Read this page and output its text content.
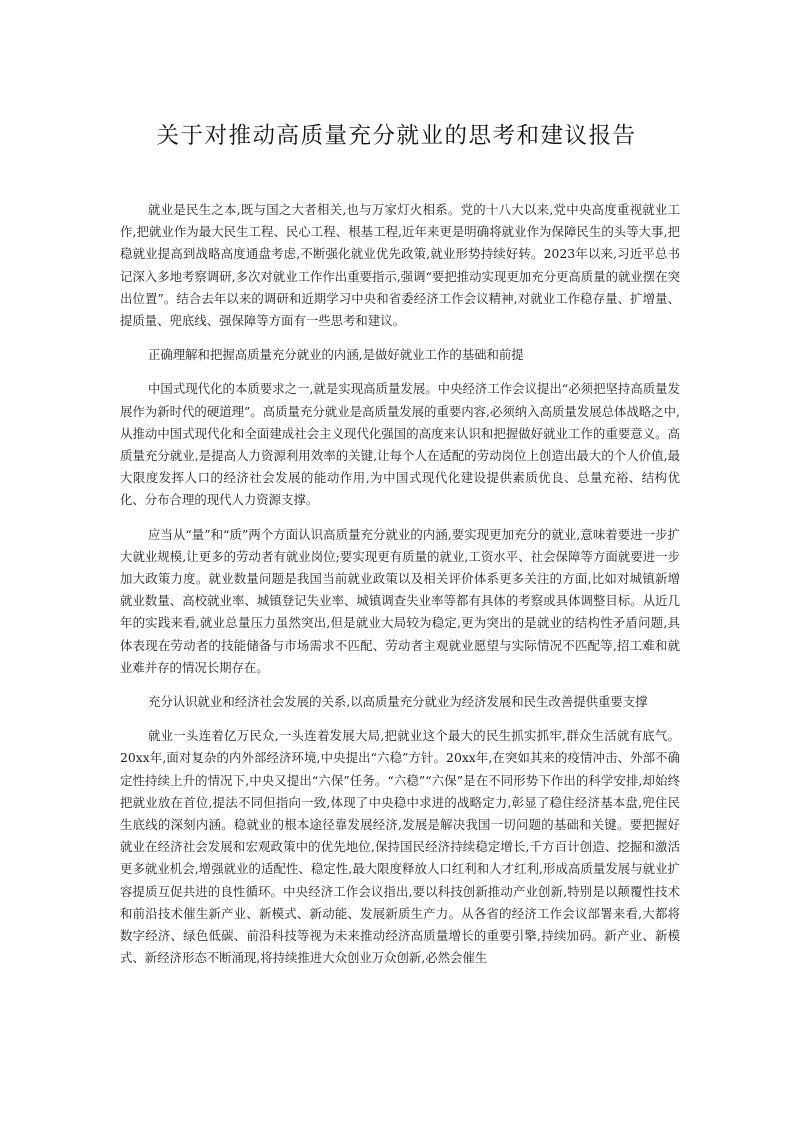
关于对推动高质量充分就业的思考和建议报告

就业是民生之本,既与国之大者相关,也与万家灯火相系。党的十八大以来,党中央高度重视就业工作,把就业作为最大民生工程、民心工程、根基工程,近年来更是明确将就业作为保障民生的头等大事,把稳就业提高到战略高度通盘考虑,不断强化就业优先政策,就业形势持续好转。2023年以来,习近平总书记深入多地考察调研,多次对就业工作作出重要指示,强调“要把推动实现更加充分更高质量的就业摆在突出位置”。结合去年以来的调研和近期学习中央和省委经济工作会议精神,对就业工作稳存量、扩增量、提质量、兜底线、强保障等方面有一些思考和建议。

正确理解和把握高质量充分就业的内涵,是做好就业工作的基础和前提

中国式现代化的本质要求之一,就是实现高质量发展。中央经济工作会议提出“必须把坚持高质量发展作为新时代的硬道理”。高质量充分就业是高质量发展的重要内容,必须纳入高质量发展总体战略之中,从推动中国式现代化和全面建成社会主义现代化强国的高度来认识和把握做好就业工作的重要意义。高质量充分就业,是提高人力资源利用效率的关键,让每个人在适配的劳动岗位上创造出最大的个人价值,最大限度发挥人口的经济社会发展的能动作用,为中国式现代化建设提供素质优良、总量充裕、结构优化、分布合理的现代人力资源支撑。

应当从“量”和“质”两个方面认识高质量充分就业的内涵,要实现更加充分的就业,意味着要进一步扩大就业规模,让更多的劳动者有就业岗位;要实现更有质量的就业,工资水平、社会保障等方面就要进一步加大政策力度。就业数量问题是我国当前就业政策以及相关评价体系更多关注的方面,比如对城镇新增就业数量、高校就业率、城镇登记失业率、城镇调查失业率等都有具体的考察或具体调整目标。从近几年的实践来看,就业总量压力虽然突出,但是就业大局较为稳定,更为突出的是就业的结构性矛盾问题,具体表现在劳动者的技能储备与市场需求不匹配、劳动者主观就业愿望与实际情况不匹配等,招工难和就业难并存的情况长期存在。

充分认识就业和经济社会发展的关系,以高质量充分就业为经济发展和民生改善提供重要支撑

就业一头连着亿万民众,一头连着发展大局,把就业这个最大的民生抓实抓牢,群众生活就有底气。20xx年,面对复杂的内外部经济环境,中央提出“六稳”方针。20xx年,在突如其来的疫情冲击、外部不确定性持续上升的情况下,中央又提出“六保”任务。“六稳”“六保”是在不同形势下作出的科学安排,却始终把就业放在首位,提法不同但指向一致,体现了中央稳中求进的战略定力,彰显了稳住经济基本盘,兜住民生底线的深刻内涵。稳就业的根本途径靠发展经济,发展是解决我国一切问题的基础和关键。要把握好就业在经济社会发展和宏观政策中的优先地位,保持国民经济持续稳定增长,千方百计创造、挖掘和激活更多就业机会,增强就业的适配性、稳定性,最大限度释放人口红利和人才红利,形成高质量发展与就业扩容提质互促共进的良性循环。中央经济工作会议指出,要以科技创新推动产业创新,特别是以颠覆性技术和前沿技术催生新产业、新模式、新动能、发展新质生产力。从各省的经济工作会议部署来看,大都将数字经济、绿色低碳、前沿科技等视为未来推动经济高质量增长的重要引擎,持续加码。新产业、新模式、新经济形态不断涌现,将持续推进大众创业万众创新,必然会催生
